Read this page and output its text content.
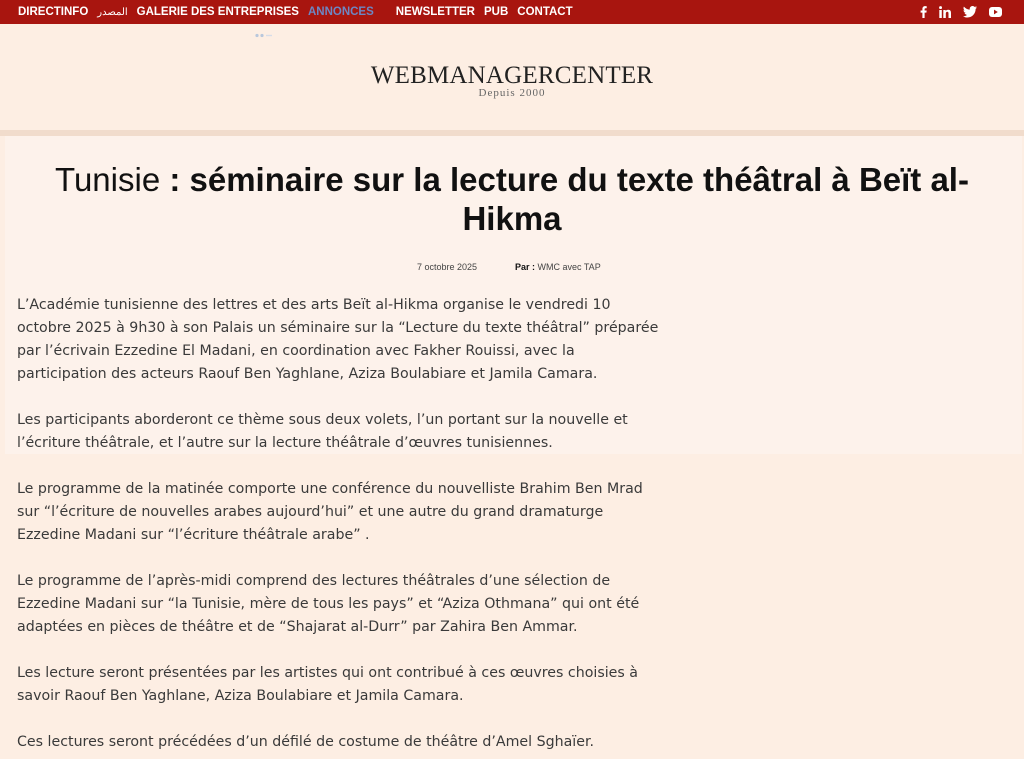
DIRECTINFO المصدر GALERIE DES ENTREPRISES ANNONCES NEWSLETTER PUB CONTACT
WEBMANAGERCENTER
Depuis 2000
Tunisie : séminaire sur la lecture du texte théâtral à Beït al-Hikma
7 octobre 2025	Par : WMC avec TAP

L’Académie tunisienne des lettres et des arts Beït al-Hikma organise le vendredi 10 octobre 2025 à 9h30 à son Palais un séminaire sur la “Lecture du texte théâtral” préparée par l’écrivain Ezzedine El Madani, en coordination avec Fakher Rouissi, avec la participation des acteurs Raouf Ben Yaghlane, Aziza Boulabiare et Jamila Camara.

Les participants aborderont ce thème sous deux volets, l’un portant sur la nouvelle et l’écriture théâtrale, et l’autre sur la lecture théâtrale d’œuvres tunisiennes.

Le programme de la matinée comporte une conférence du nouvelliste Brahim Ben Mrad sur “l’écriture de nouvelles arabes aujourd’hui” et une autre du grand dramaturge Ezzedine Madani sur “l’écriture théâtrale arabe” .

Le programme de l’après-midi comprend des lectures théâtrales d’une sélection de Ezzedine Madani sur “la Tunisie, mère de tous les pays” et “Aziza Othmana” qui ont été adaptées en pièces de théâtre et de “Shajarat al-Durr” par Zahira Ben Ammar.

Les lecture seront présentées par les artistes qui ont contribué à ces œuvres choisies à savoir Raouf Ben Yaghlane, Aziza Boulabiare et Jamila Camara.

Ces lectures seront précédées d’un défilé de costume de théâtre d’Amel Sghaïer.
